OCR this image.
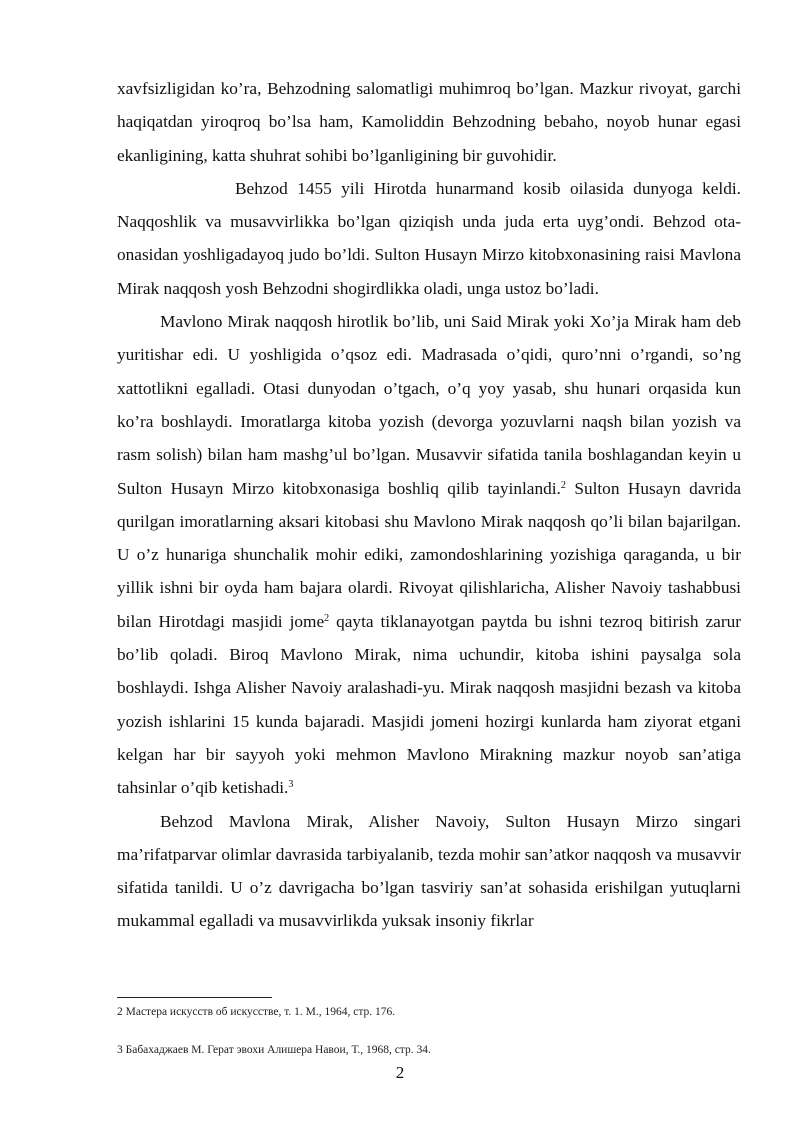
xavfsizligidan ko’ra, Behzodning salomatligi muhimroq bo’lgan. Mazkur rivoyat, garchi haqiqatdan yiroqroq bo’lsa ham, Kamoliddin Behzodning bebaho, noyob hunar egasi ekanligining, katta shuhrat sohibi bo’lganligining bir guvohidir.

Behzod 1455 yili Hirotda hunarmand kosib oilasida dunyoga keldi. Naqqoshlik va musavvirlikka bo’lgan qiziqish unda juda erta uyg’ondi. Behzod ota-onasidan yoshligadayoq judo bo’ldi. Sulton Husayn Mirzo kitobxonasining raisi Mavlona Mirak naqqosh yosh Behzodni shogirdlikka oladi, unga ustoz bo’ladi.

Mavlono Mirak naqqosh hirotlik bo’lib, uni Said Mirak yoki Xo’ja Mirak ham deb yuritishar edi. U yoshligida o’qsoz edi. Madrasada o’qidi, quro’nni o’rgandi, so’ng xattotlikni egalladi. Otasi dunyodan o’tgach, o’q yoy yasab, shu hunari orqasida kun ko’ra boshlaydi. Imoratlarga kitoba yozish (devorga yozuvlarni naqsh bilan yozish va rasm solish) bilan ham mashg’ul bo’lgan. Musavvir sifatida tanila boshlagandan keyin u Sulton Husayn Mirzo kitobxonasiga boshliq qilib tayinlandi.$^2$ Sulton Husayn davrida qurilgan imoratlarning aksari kitobasi shu Mavlono Mirak naqqosh qo’li bilan bajarilgan. U o’z hunariga shunchalik mohir ediki, zamondoshlarining yozishiga qaraganda, u bir yillik ishni bir oyda ham bajara olardi. Rivoyat qilishlaricha, Alisher Navoiy tashabbusi bilan Hirotdagi masjidi jome$^2$ qayta tiklanayotgan paytda bu ishni tezroq bitirish zarur bo’lib qoladi. Biroq Mavlono Mirak, nima uchundir, kitoba ishini paysalga sola boshlaydi. Ishga Alisher Navoiy aralashadi-yu. Mirak naqqosh masjidni bezash va kitoba yozish ishlarini 15 kunda bajaradi. Masjidi jomeni hozirgi kunlarda ham ziyorat etgani kelgan har bir sayyoh yoki mehmon Mavlono Mirakning mazkur noyob san’atiga tahsinlar o’qib ketishadi.$^3$

Behzod Mavlona Mirak, Alisher Navoiy, Sulton Husayn Mirzo singari ma’rifatparvar olimlar davrasida tarbiyalanib, tezda mohir san’atkor naqqosh va musavvir sifatida tanildi. U o’z davrigacha bo’lgan tasviriy san’at sohasida erishilgan yutuqlarni mukammal egalladi va musavvirlikda yuksak insoniy fikrlar

2 Мастера искусств об искусстве, т. 1. М., 1964, стр. 176.

3 Бабахаджаев М. Герат эвохи Алишера Навои, Т., 1968, стр. 34.

2
